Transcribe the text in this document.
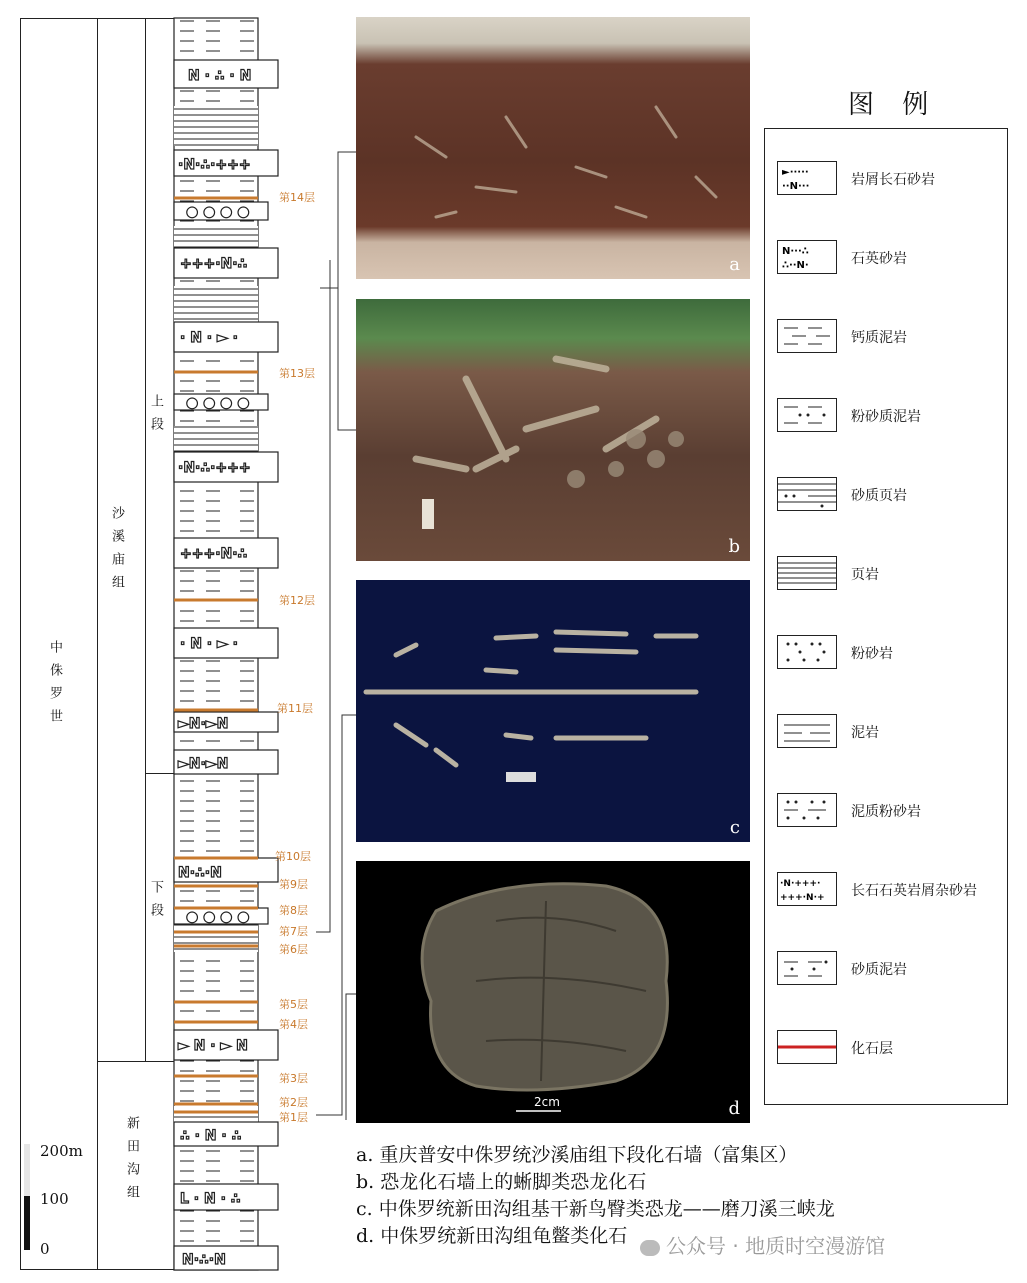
中侏罗世
沙溪庙组
新田沟组
上段
下段
N · ∴ · N
·N·∴·+++
● ● ● ●
+++·N·∴
· N · ► ·
● ● ● ●
·N·∴·+++
+++·N·∴
· N · ► ·
►N·►N
►N·►N
N·∴·N
● ● ● ●
► N · ► N
∴ · N · ∴
L · N · ∴
N·∴·N
第14层
第13层
第12层
第11层
第10层
第9层
第8层
第7层
第6层
第5层
第4层
第3层
第2层
第1层
200m
100
0
a
b
c
2cm	d
图 例
►·····
··N···	岩屑长石砂岩
N···∴
∴··N·	石英砂岩
钙质泥岩
粉砂质泥岩
砂质页岩
页岩
粉砂岩
泥岩
泥质粉砂岩
·N·+++·
+++·N·+ 长石石英岩屑杂砂岩
砂质泥岩
化石层
a. 重庆普安中侏罗统沙溪庙组下段化石墙（富集区）
b. 恐龙化石墙上的蜥脚类恐龙化石
c. 中侏罗统新田沟组基干新鸟臀类恐龙——磨刀溪三峡龙
d. 中侏罗统新田沟组龟鳖类化石	公众号 · 地质时空漫游馆
